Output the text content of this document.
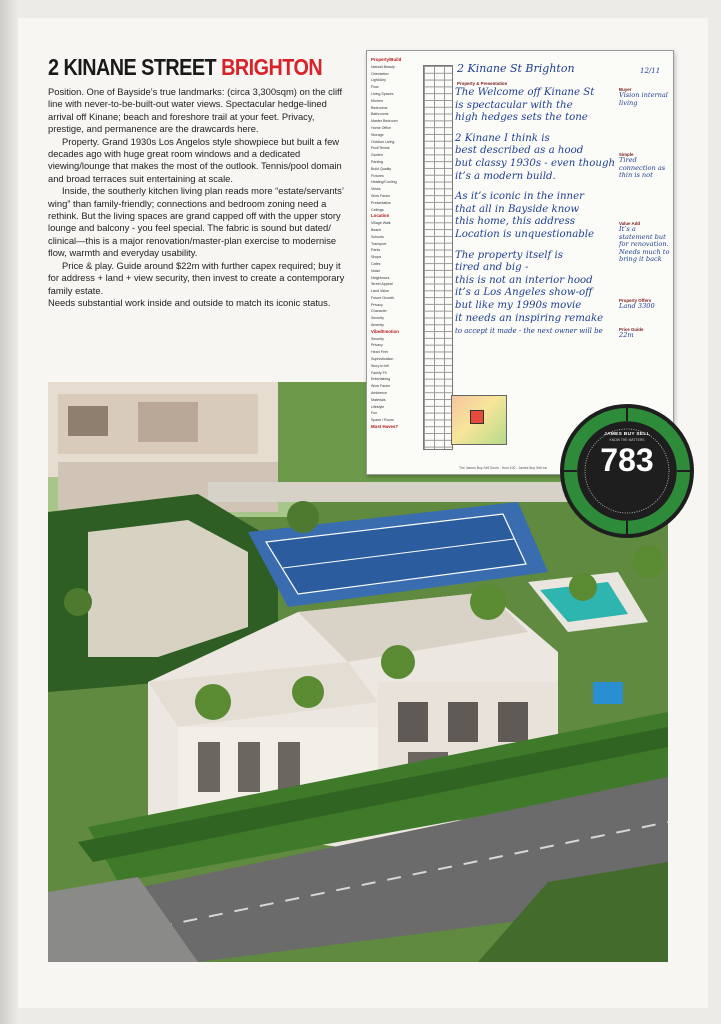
2 KINANE STREET BRIGHTON

Position. One of Bayside’s true landmarks: (circa 3,300sqm) on the cliff line with never-to-be-built-out water views. Spectacular hedge-lined arrival off Kinane; beach and foreshore trail at your feet. Privacy, prestige, and permanence are the drawcards here.

Property. Grand 1930s Los Angelos style showpiece but built a few decades ago with huge great room windows and a dedicated viewing/lounge that makes the most of the outlook. Tennis/pool domain and broad terraces suit entertaining at scale.

Inside, the southerly kitchen living plan reads more “estate/servants’ wing” than family-friendly; connections and bedroom zoning need a rethink. But the living spaces are grand capped off with the upper story lounge and balcony - you feel special. The fabric is sound but dated/ clinical—this is a major renovation/master-plan exercise to modernise flow, warmth and everyday usability.

Price & play. Guide around $22m with further capex required; buy it for address + land + view security, then invest to create a contemporary family estate.

Needs substantial work inside and outside to match its iconic status.

Property/Build
Natural Beauty
Orientation
Light/Airy
Flow
Living Spaces
Kitchen
Bedrooms
Bathrooms
Master Bedroom
Home Office
Storage
Outdoor Living
Pool/Tennis
Garden
Parking
Build Quality
Fixtures
Heating/Cooling
Views
Wow Factor
Presentation
Ceilings
Location
Village Walk
Beach
Schools
Transport
Parks
Shops
Cafes
Noise
Neighbours
Street Appeal
Land Value
Future Growth
Privacy
Character
Security
Amenity
Vibe/Emotion
Security
Privacy
Heart Feel
Sophistication
Story to tell
Family Fit
Entertaining
Wow Factor
Ambience
Materials
Lifestyle
Fun
Space / Room
Must Haves?
2 Kinane St Brighton	12/11
Property & Presentation
The Welcome off Kinane St
is spectacular with the
high hedges sets the tone
2 Kinane I think is
best described as a hood
but classy 1930s - even though
it’s a modern build.
As it’s iconic in the inner
that all in Bayside know
this home, this address
Location is unquestionable
The property itself is
tired and big -
this is not an interior hood
it’s a Los Angeles show-off
but like my 1990s movie
it needs an inspiring remake
to accept it made - the next owner will be
Buyer
Vision internal living
Simple
Tired connection as thin is not
Value Add
It’s a statement but for renovation. Needs much to bring it back
Property Offers
Land 3300
Price Guide
22m
The James Buy Sell Score - from 100 - James Buy Sell Inc
JAMES BUY SELL
KNOW THE MATTERS
783
